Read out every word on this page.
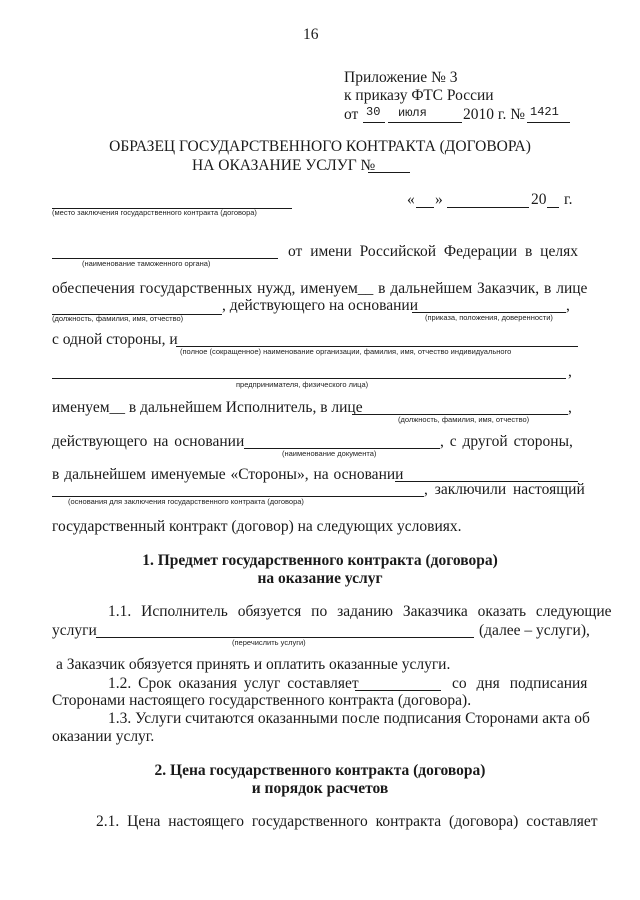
16
Приложение № 3
к приказу ФТС России
от 30 июля 2010 г. № 1421
ОБРАЗЕЦ ГОСУДАРСТВЕННОГО КОНТРАКТА (ДОГОВОРА)
НА ОКАЗАНИЕ УСЛУГ №
(место заключения государственного контракта (договора)
« »	20 г.
(наименование таможенного органа)
от имени Российской Федерации в целях
обеспечения государственных нужд, именуем__ в дальнейшем Заказчик, в лице
(должность, фамилия, имя, отчество)
, действующего на основании	,
(приказа, положения, доверенности)
с одной стороны, и
(полное (сокращенное) наименование организации, фамилия, имя, отчество индивидуального
,
предпринимателя, физического лица)
именуем__ в дальнейшем Исполнитель, в лице	,
(должность, фамилия, имя, отчество)
действующего на основании
(наименование документа)
, с другой стороны,
в дальнейшем именуемые «Стороны», на основании
(основания для заключения государственного контракта (договора)
, заключили настоящий
государственный контракт (договор) на следующих условиях.
1. Предмет государственного контракта (договора)
на оказание услуг
1.1. Исполнитель обязуется по заданию Заказчика оказать следующие
услуги
(перечислить услуги)
(далее – услуги),
а Заказчик обязуется принять и оплатить оказанные услуги.
1.2. Срок оказания услуг составляет	со дня подписания
Сторонами настоящего государственного контракта (договора).
1.3. Услуги считаются оказанными после подписания Сторонами акта об
оказании услуг.
2. Цена государственного контракта (договора)
и порядок расчетов
2.1. Цена настоящего государственного контракта (договора) составляет
